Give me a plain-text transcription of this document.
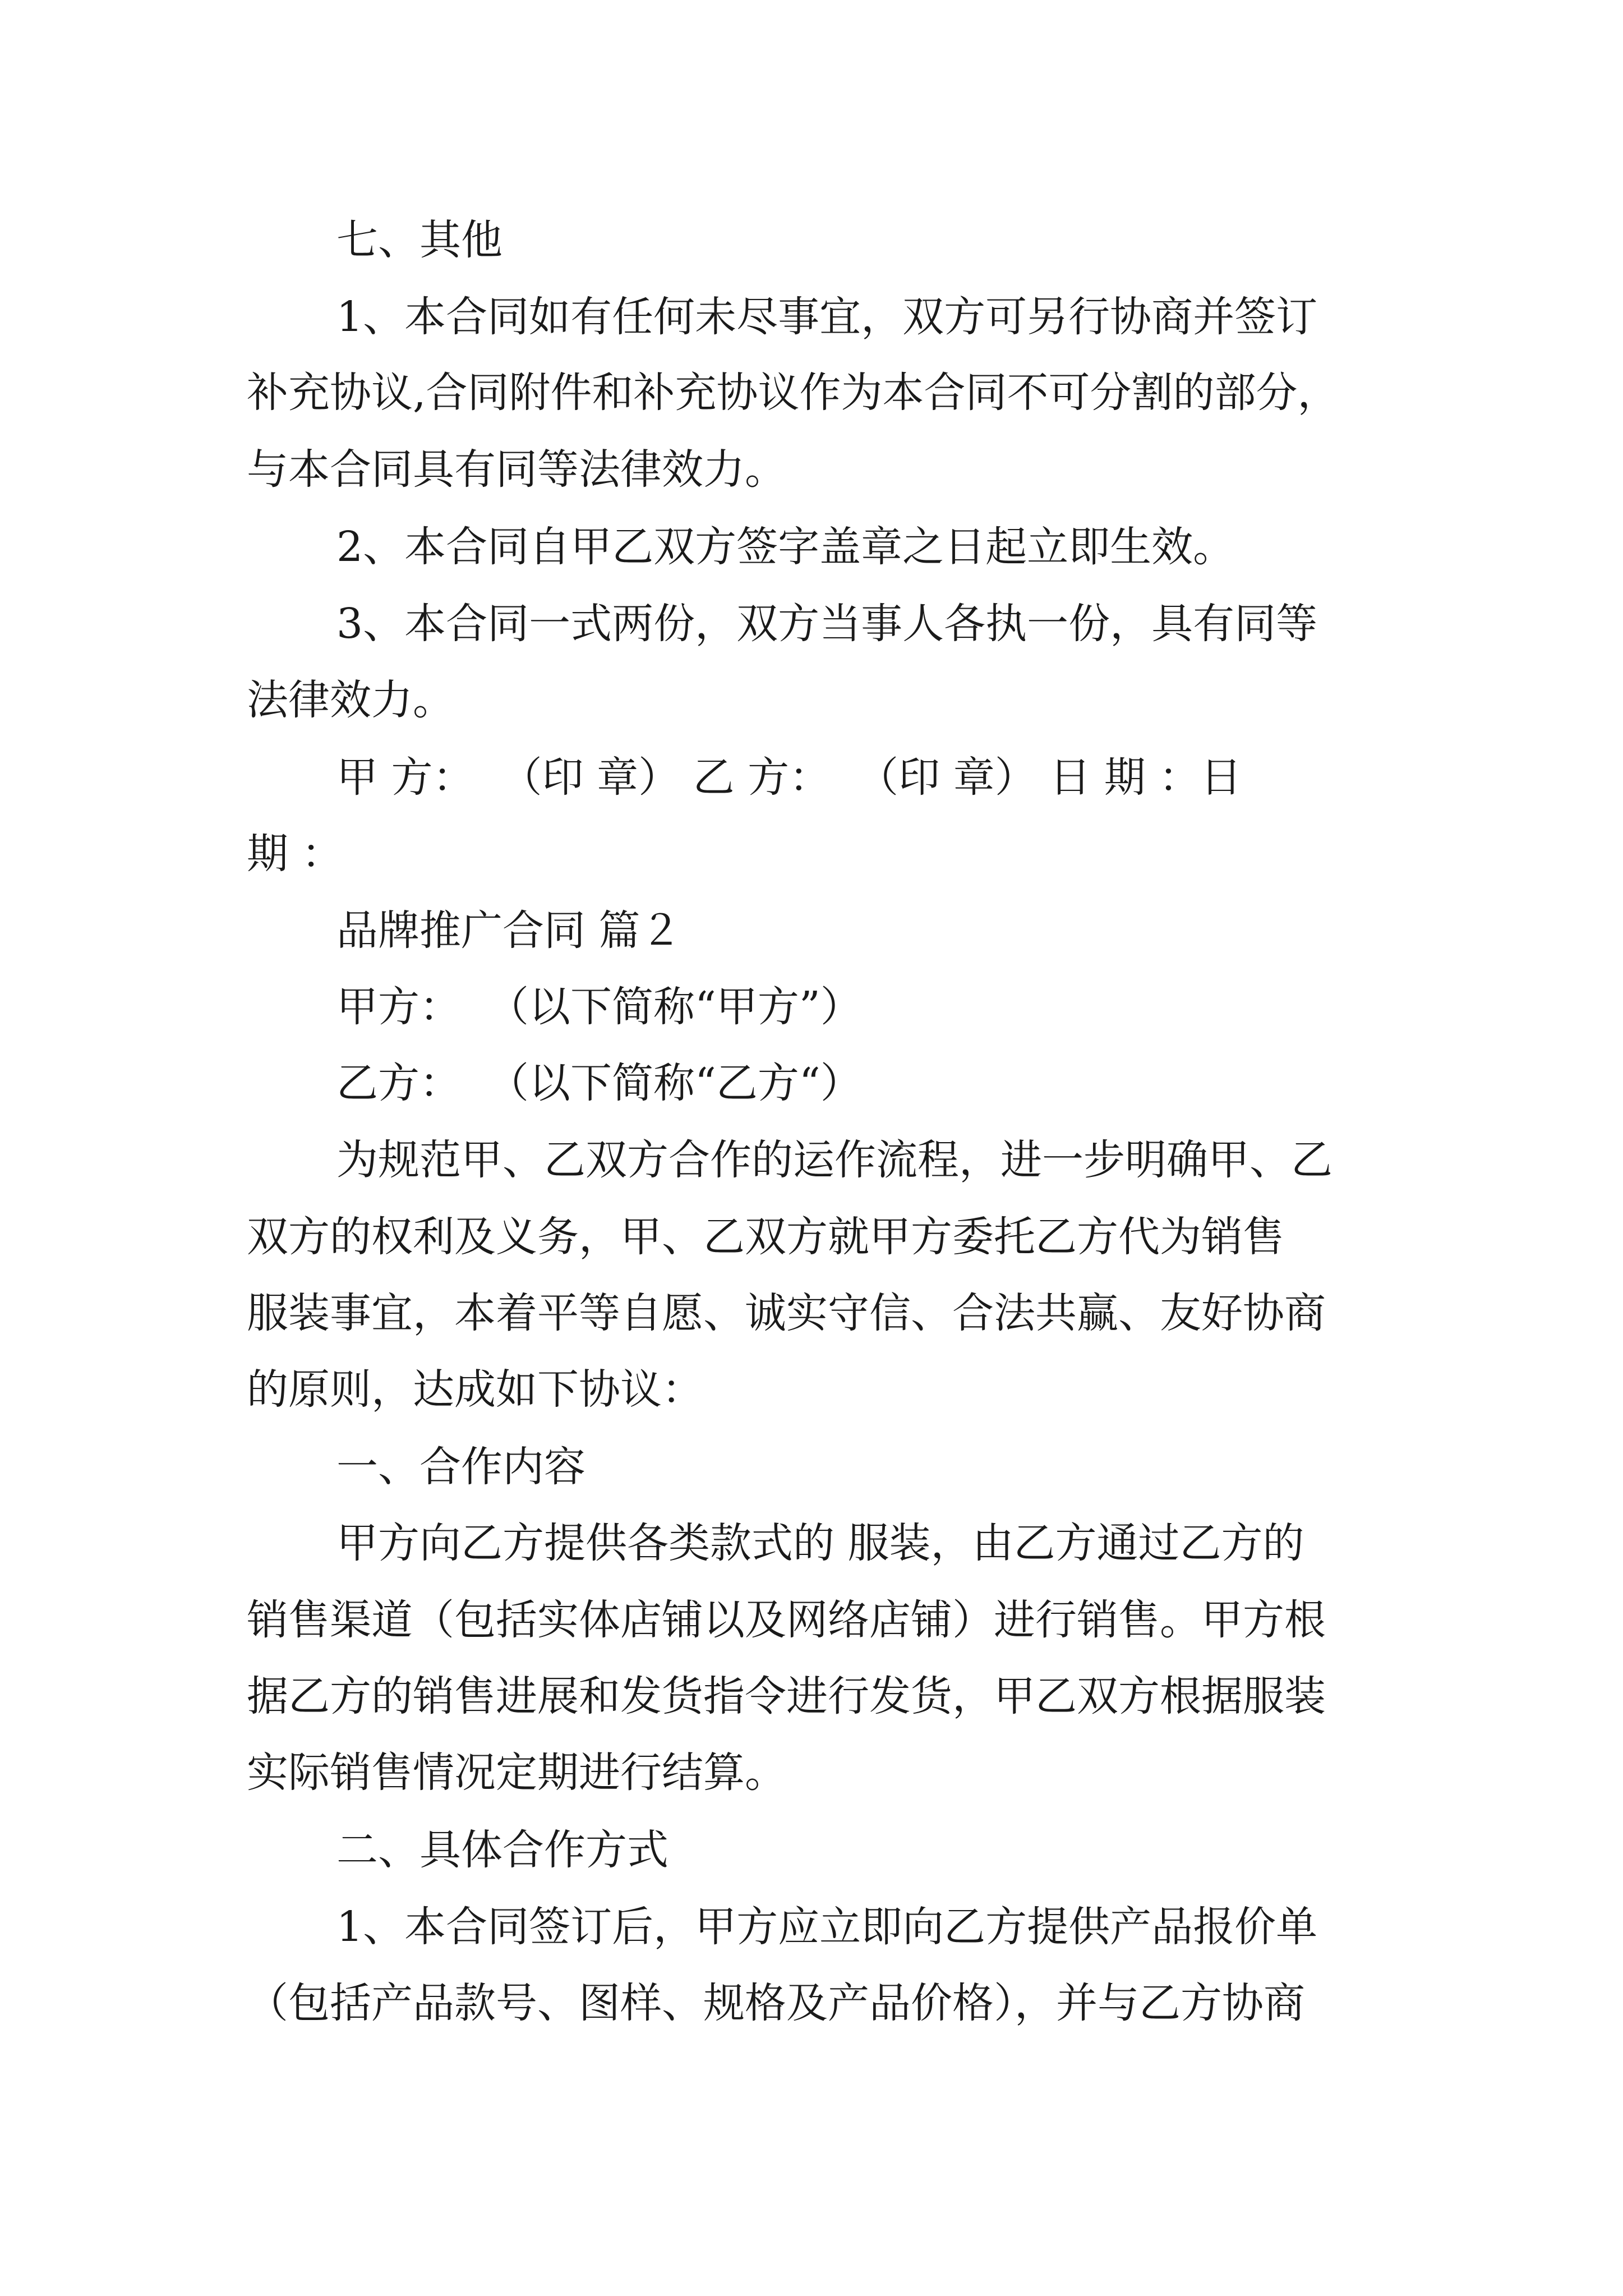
七、其他
1、本合同如有任何未尽事宜，双方可另行协商并签订
补充协议,合同附件和补充协议作为本合同不可分割的部分，
与本合同具有同等法律效力。
2、本合同自甲乙双方签字盖章之日起立即生效。
3、本合同一式两份，双方当事人各执一份，具有同等
法律效力。
甲 方：  （印 章） 乙 方：  （印 章） 日 期 ：日
期 ：
品牌推广合同 篇２
甲方：  （以下简称“甲方”）
乙方：  （以下简称“乙方“）
为规范甲、乙双方合作的运作流程，进一步明确甲、乙
双方的权利及义务，甲、乙双方就甲方委托乙方代为销售
服装事宜，本着平等自愿、诚实守信、合法共赢、友好协商
的原则，达成如下协议：
一、合作内容
甲方向乙方提供各类款式的 服装，由乙方通过乙方的
销售渠道（包括实体店铺以及网络店铺）进行销售。甲方根
据乙方的销售进展和发货指令进行发货，甲乙双方根据服装
实际销售情况定期进行结算。
二、具体合作方式
1、本合同签订后，甲方应立即向乙方提供产品报价单
（包括产品款号、图样、规格及产品价格），并与乙方协商
